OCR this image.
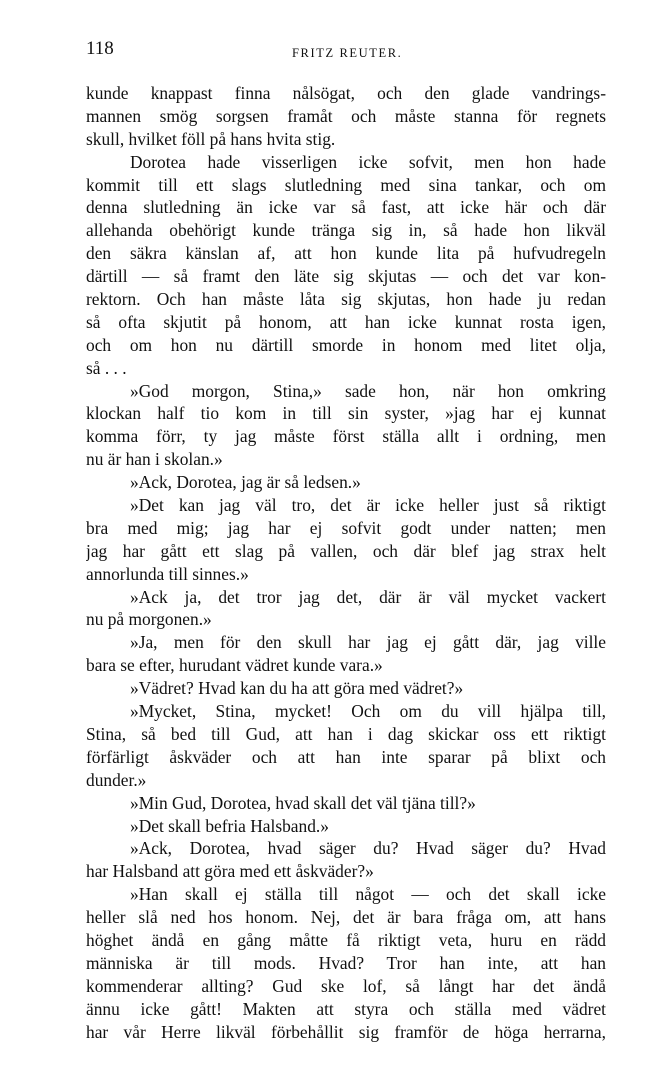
118	FRITZ REUTER.
kunde knappast finna nålsögat, och den glade vandrings-
mannen smög sorgsen framåt och måste stanna för regnets
skull, hvilket föll på hans hvita stig.
Dorotea hade visserligen icke sofvit, men hon hade
kommit till ett slags slutledning med sina tankar, och om
denna slutledning än icke var så fast, att icke här och där
allehanda obehörigt kunde tränga sig in, så hade hon likväl
den säkra känslan af, att hon kunde lita på hufvudregeln
därtill — så framt den läte sig skjutas — och det var kon-
rektorn. Och han måste låta sig skjutas, hon hade ju redan
så ofta skjutit på honom, att han icke kunnat rosta igen,
och om hon nu därtill smorde in honom med litet olja,
så . . .
»God morgon, Stina,» sade hon, när hon omkring
klockan half tio kom in till sin syster, »jag har ej kunnat
komma förr, ty jag måste först ställa allt i ordning, men
nu är han i skolan.»
»Ack, Dorotea, jag är så ledsen.»
»Det kan jag väl tro, det är icke heller just så riktigt
bra med mig; jag har ej sofvit godt under natten; men
jag har gått ett slag på vallen, och där blef jag strax helt
annorlunda till sinnes.»
»Ack ja, det tror jag det, där är väl mycket vackert
nu på morgonen.»
»Ja, men för den skull har jag ej gått där, jag ville
bara se efter, hurudant vädret kunde vara.»
»Vädret? Hvad kan du ha att göra med vädret?»
»Mycket, Stina, mycket! Och om du vill hjälpa till,
Stina, så bed till Gud, att han i dag skickar oss ett riktigt
förfärligt åskväder och att han inte sparar på blixt och
dunder.»
»Min Gud, Dorotea, hvad skall det väl tjäna till?»
»Det skall befria Halsband.»
»Ack, Dorotea, hvad säger du? Hvad säger du? Hvad
har Halsband att göra med ett åskväder?»
»Han skall ej ställa till något — och det skall icke
heller slå ned hos honom. Nej, det är bara fråga om, att hans
höghet ändå en gång måtte få riktigt veta, huru en rädd
människa är till mods. Hvad? Tror han inte, att han
kommenderar allting? Gud ske lof, så långt har det ändå
ännu icke gått! Makten att styra och ställa med vädret
har vår Herre likväl förbehållit sig framför de höga herrarna,
